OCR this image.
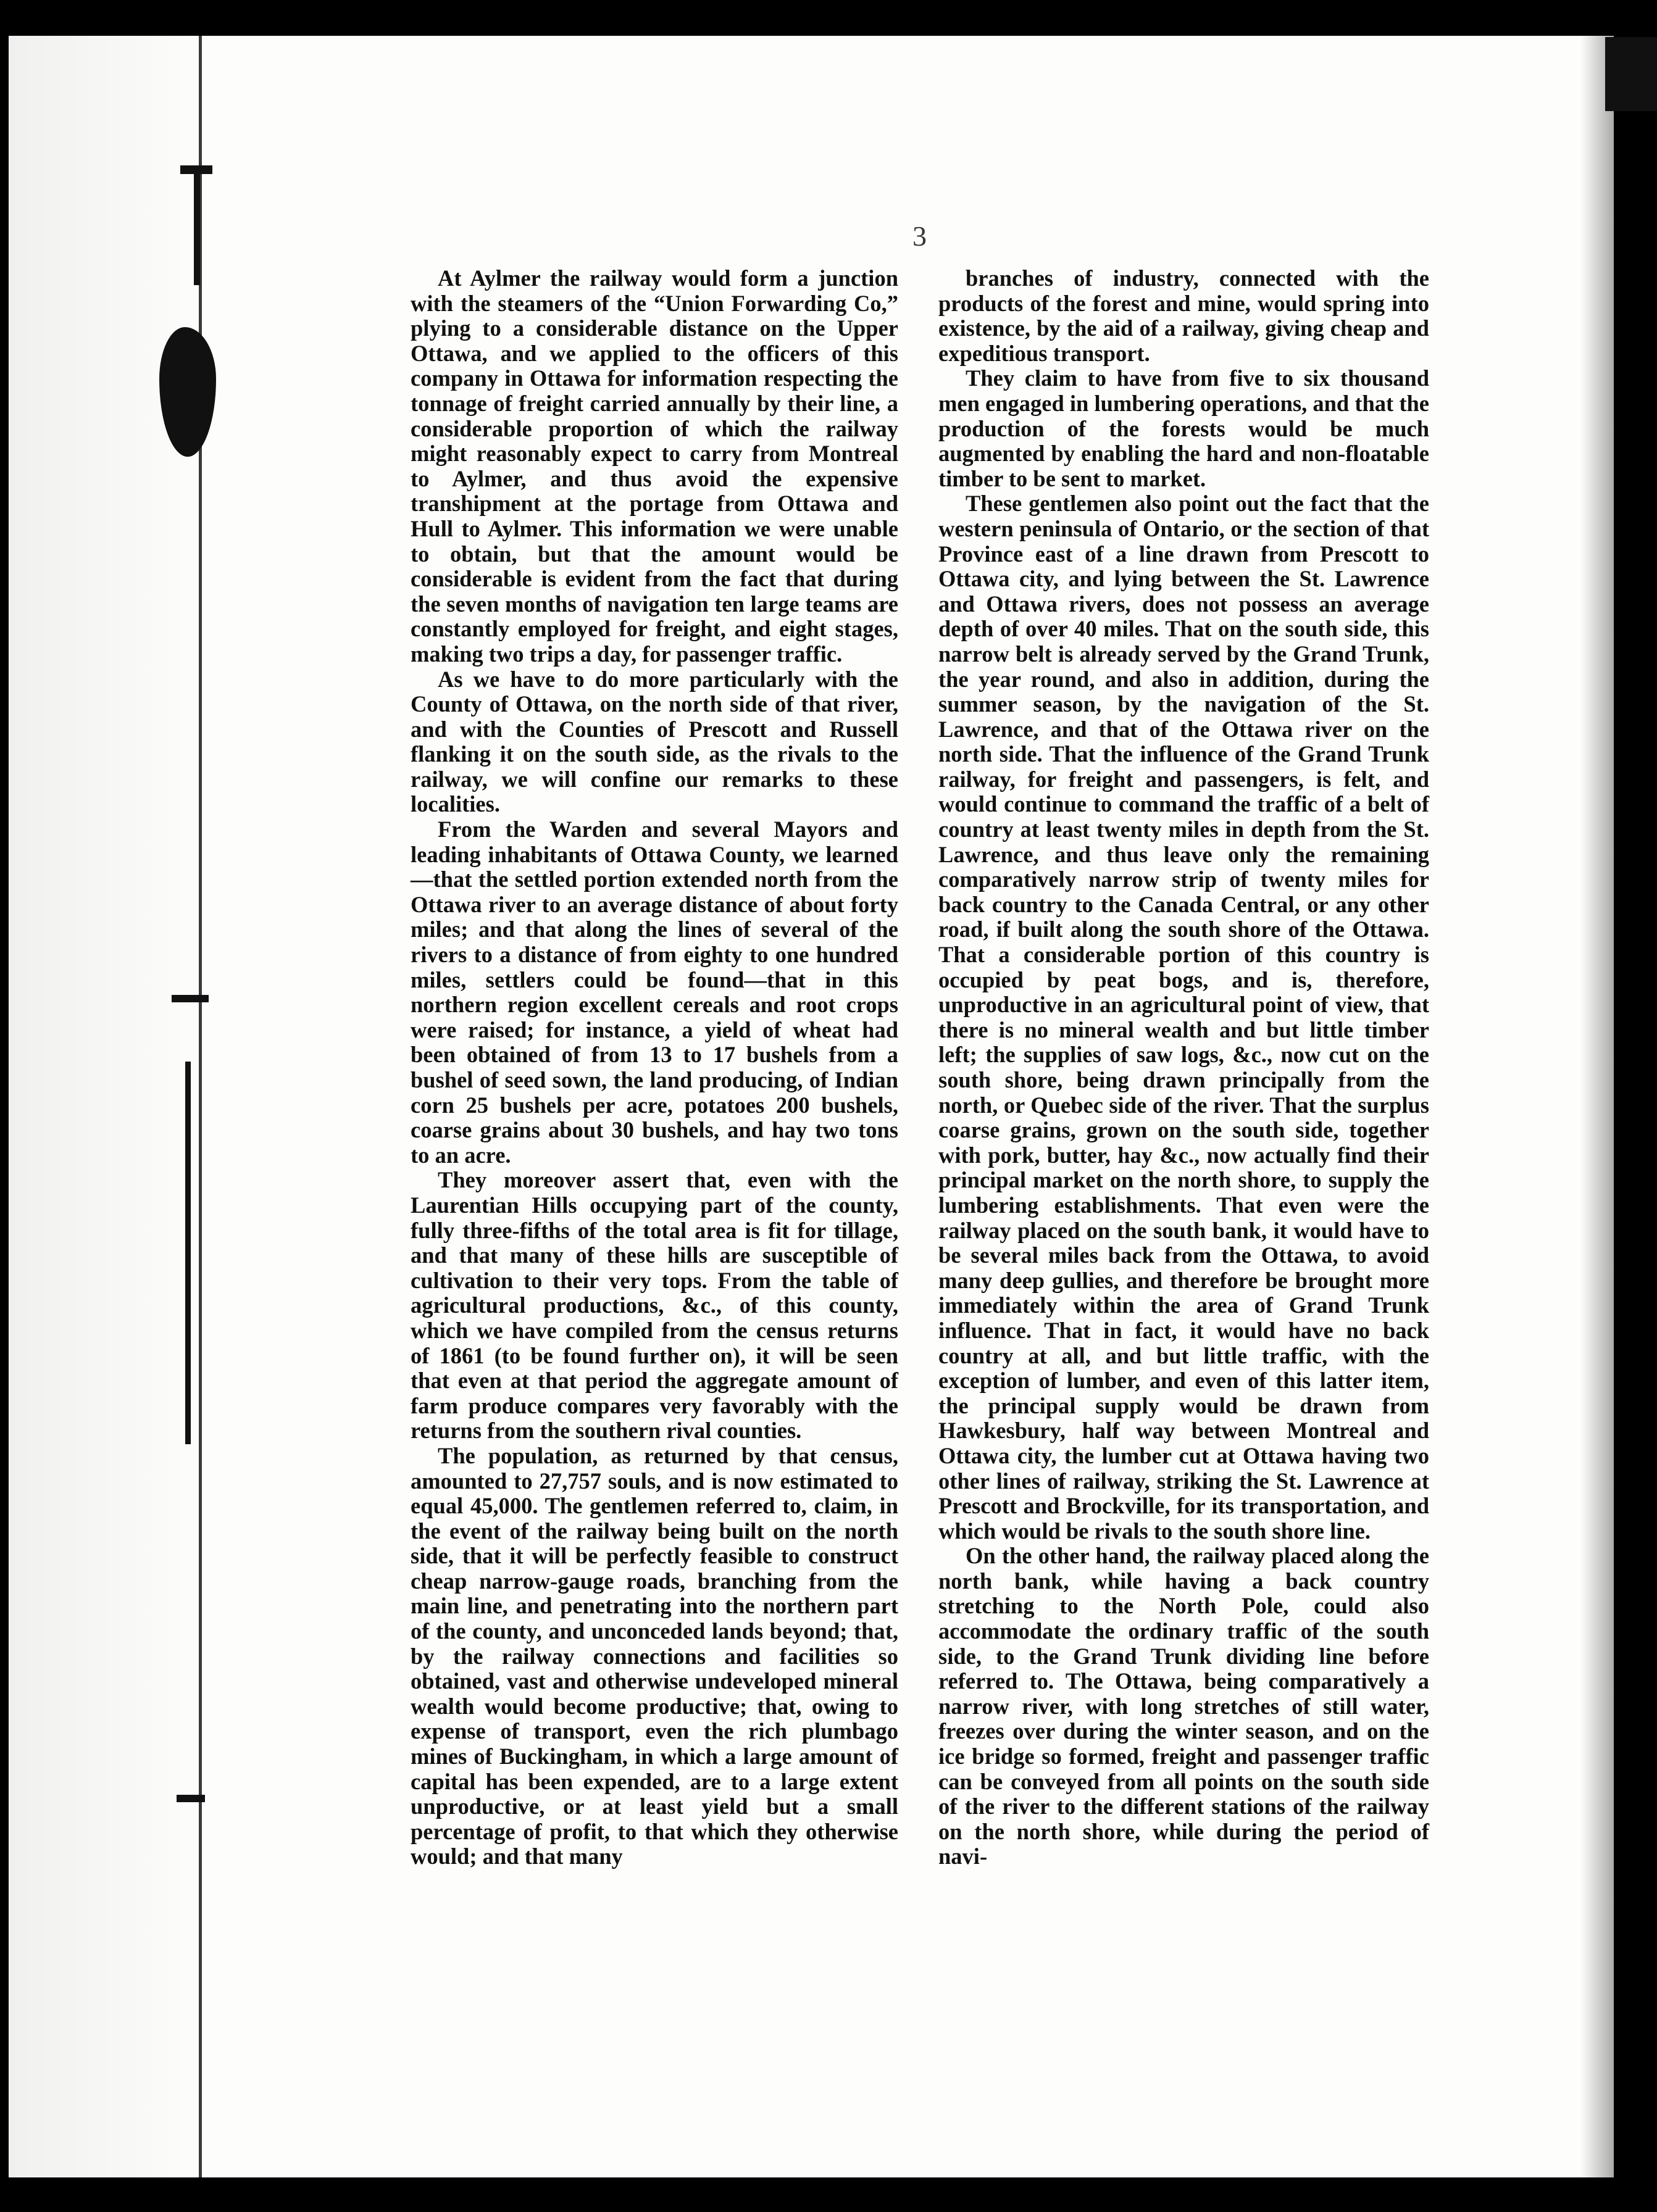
3

At Aylmer the railway would form a junction with the steamers of the “Union Forwarding Co,” plying to a considerable distance on the Upper Ottawa, and we applied to the officers of this company in Ottawa for information respecting the tonnage of freight carried annually by their line, a considerable proportion of which the railway might reasonably expect to carry from Montreal to Aylmer, and thus avoid the expensive transhipment at the portage from Ottawa and Hull to Aylmer. This information we were unable to obtain, but that the amount would be considerable is evident from the fact that during the seven months of navigation ten large teams are constantly employed for freight, and eight stages, making two trips a day, for passenger traffic.

As we have to do more particularly with the County of Ottawa, on the north side of that river, and with the Counties of Prescott and Russell flanking it on the south side, as the rivals to the railway, we will confine our remarks to these localities.

From the Warden and several Mayors and leading inhabitants of Ottawa County, we learned—that the settled portion extended north from the Ottawa river to an average distance of about forty miles; and that along the lines of several of the rivers to a distance of from eighty to one hundred miles, settlers could be found—that in this northern region excellent cereals and root crops were raised; for instance, a yield of wheat had been obtained of from 13 to 17 bushels from a bushel of seed sown, the land producing, of Indian corn 25 bushels per acre, potatoes 200 bushels, coarse grains about 30 bushels, and hay two tons to an acre.

They moreover assert that, even with the Laurentian Hills occupying part of the county, fully three-fifths of the total area is fit for tillage, and that many of these hills are susceptible of cultivation to their very tops. From the table of agricultural productions, &c., of this county, which we have compiled from the census returns of 1861 (to be found further on), it will be seen that even at that period the aggregate amount of farm produce compares very favorably with the returns from the southern rival counties.

The population, as returned by that census, amounted to 27,757 souls, and is now estimated to equal 45,000. The gentlemen referred to, claim, in the event of the railway being built on the north side, that it will be perfectly feasible to construct cheap narrow-gauge roads, branching from the main line, and penetrating into the northern part of the county, and unconceded lands beyond; that, by the railway connections and facilities so obtained, vast and otherwise undeveloped mineral wealth would become productive; that, owing to expense of transport, even the rich plumbago mines of Buckingham, in which a large amount of capital has been expended, are to a large extent unproductive, or at least yield but a small percentage of profit, to that which they otherwise would; and that many

branches of industry, connected with the products of the forest and mine, would spring into existence, by the aid of a railway, giving cheap and expeditious transport.

They claim to have from five to six thousand men engaged in lumbering operations, and that the production of the forests would be much augmented by enabling the hard and non-floatable timber to be sent to market.

These gentlemen also point out the fact that the western peninsula of Ontario, or the section of that Province east of a line drawn from Prescott to Ottawa city, and lying between the St. Lawrence and Ottawa rivers, does not possess an average depth of over 40 miles. That on the south side, this narrow belt is already served by the Grand Trunk, the year round, and also in addition, during the summer season, by the navigation of the St. Lawrence, and that of the Ottawa river on the north side. That the influence of the Grand Trunk railway, for freight and passengers, is felt, and would continue to command the traffic of a belt of country at least twenty miles in depth from the St. Lawrence, and thus leave only the remaining comparatively narrow strip of twenty miles for back country to the Canada Central, or any other road, if built along the south shore of the Ottawa. That a considerable portion of this country is occupied by peat bogs, and is, therefore, unproductive in an agricultural point of view, that there is no mineral wealth and but little timber left; the supplies of saw logs, &c., now cut on the south shore, being drawn principally from the north, or Quebec side of the river. That the surplus coarse grains, grown on the south side, together with pork, butter, hay &c., now actually find their principal market on the north shore, to supply the lumbering establishments. That even were the railway placed on the south bank, it would have to be several miles back from the Ottawa, to avoid many deep gullies, and therefore be brought more immediately within the area of Grand Trunk influence. That in fact, it would have no back country at all, and but little traffic, with the exception of lumber, and even of this latter item, the principal supply would be drawn from Hawkesbury, half way between Montreal and Ottawa city, the lumber cut at Ottawa having two other lines of railway, striking the St. Lawrence at Prescott and Brockville, for its transportation, and which would be rivals to the south shore line.

On the other hand, the railway placed along the north bank, while having a back country stretching to the North Pole, could also accommodate the ordinary traffic of the south side, to the Grand Trunk dividing line before referred to. The Ottawa, being comparatively a narrow river, with long stretches of still water, freezes over during the winter season, and on the ice bridge so formed, freight and passenger traffic can be conveyed from all points on the south side of the river to the different stations of the railway on the north shore, while during the period of navi-
